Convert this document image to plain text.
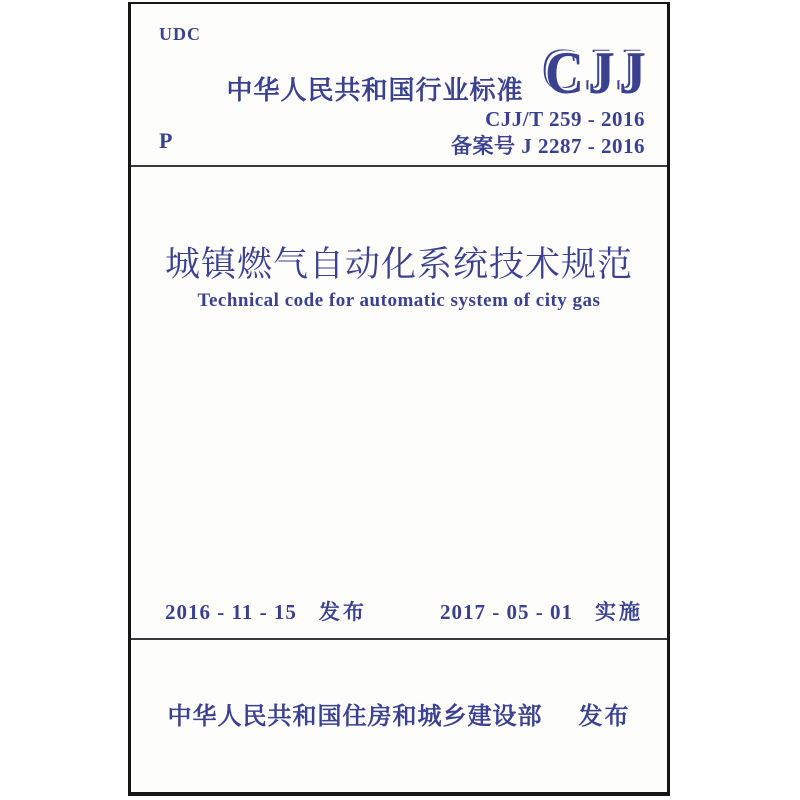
UDC
中华人民共和国行业标准 CJJ
CJJ/T 259 - 2016
备案号 J 2287 - 2016
P
城镇燃气自动化系统技术规范
Technical code for automatic system of city gas
2016 - 11 - 15 发布	2017 - 05 - 01 实施
中华人民共和国住房和城乡建设部 发布
